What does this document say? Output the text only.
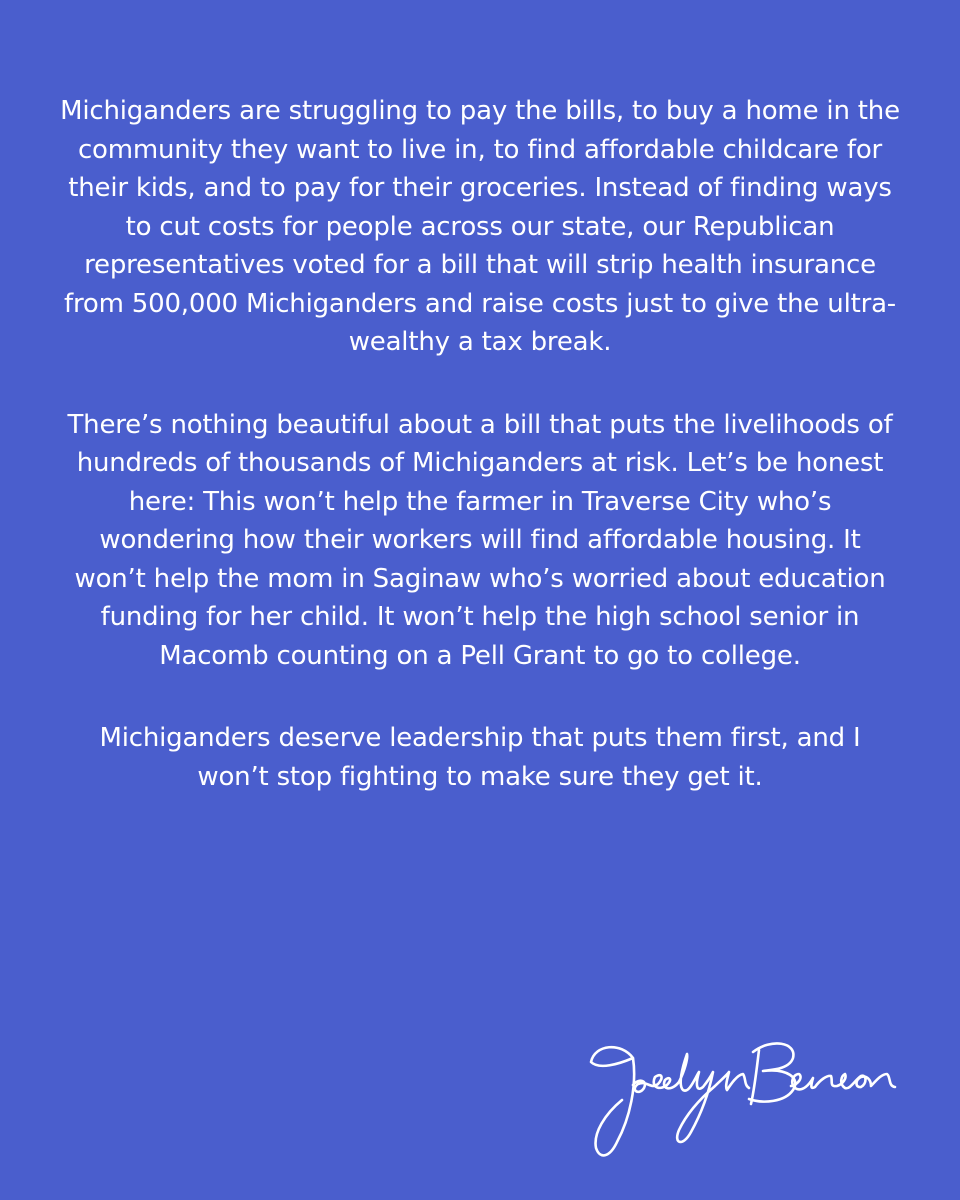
Michiganders are struggling to pay the bills, to buy a home in the community they want to live in, to find affordable childcare for their kids, and to pay for their groceries. Instead of finding ways to cut costs for people across our state, our Republican representatives voted for a bill that will strip health insurance from 500,000 Michiganders and raise costs just to give the ultra-wealthy a tax break.

There’s nothing beautiful about a bill that puts the livelihoods of hundreds of thousands of Michiganders at risk. Let’s be honest here: This won’t help the farmer in Traverse City who’s wondering how their workers will find affordable housing. It won’t help the mom in Saginaw who’s worried about education funding for her child. It won’t help the high school senior in Macomb counting on a Pell Grant to go to college.

Michiganders deserve leadership that puts them first, and I won’t stop fighting to make sure they get it.
